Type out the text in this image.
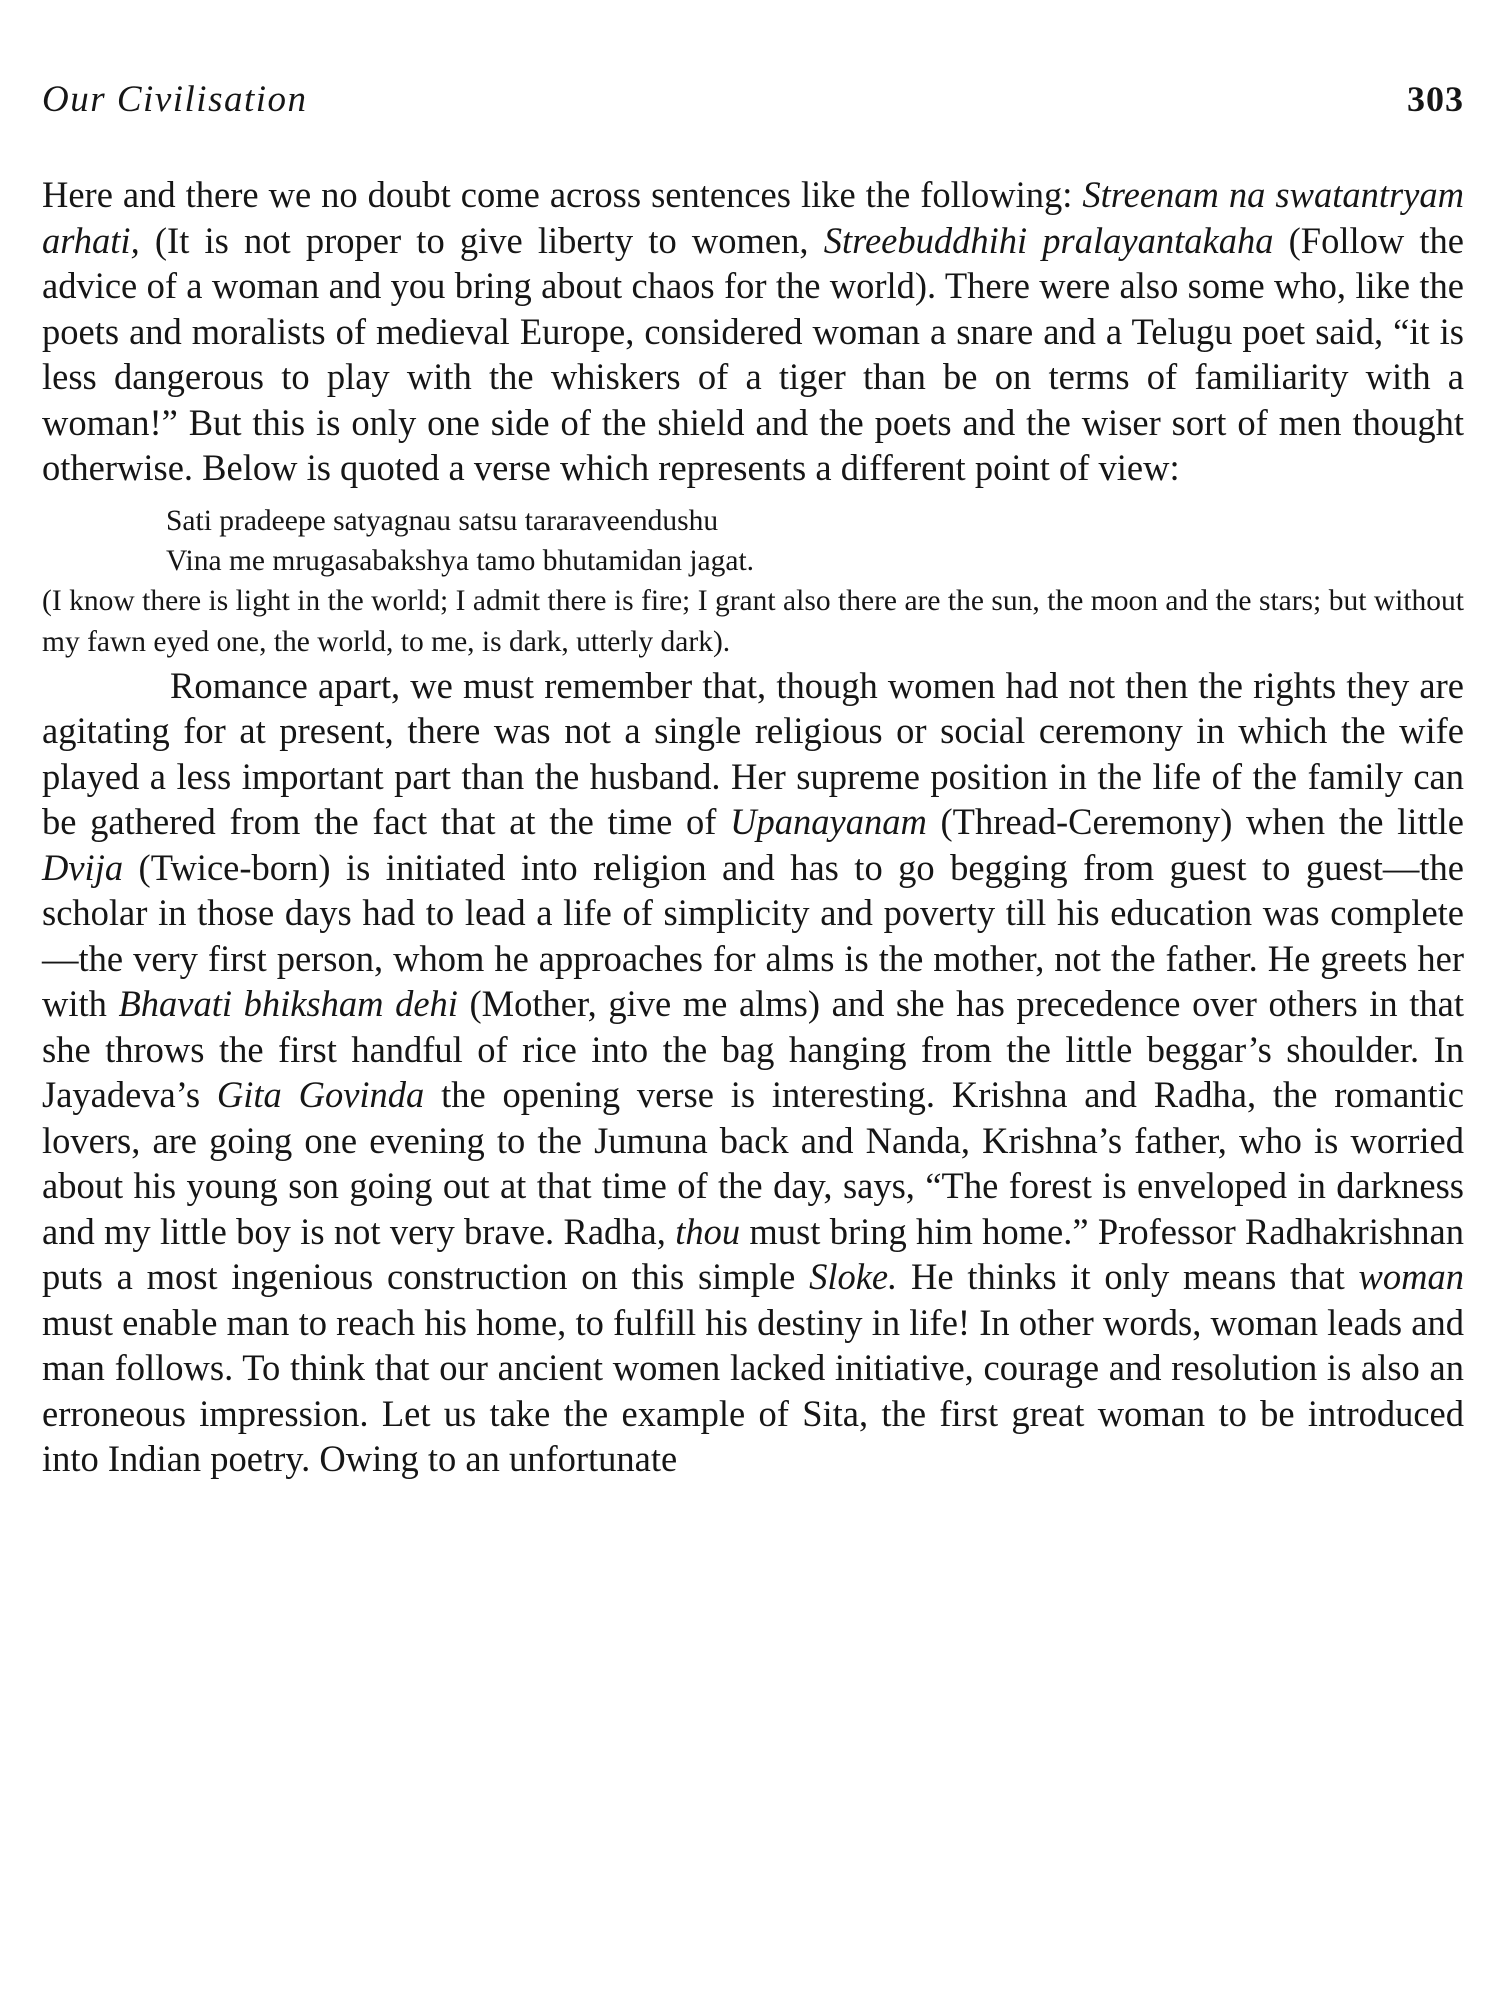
Our Civilisation	303

Here and there we no doubt come across sentences like the following: Streenam na swatantryam arhati, (It is not proper to give liberty to women, Streebuddhihi pralayantakaha (Follow the advice of a woman and you bring about chaos for the world). There were also some who, like the poets and moralists of medieval Europe, considered woman a snare and a Telugu poet said, “it is less dangerous to play with the whiskers of a tiger than be on terms of familiarity with a woman!” But this is only one side of the shield and the poets and the wiser sort of men thought otherwise. Below is quoted a verse which represents a different point of view:

Sati pradeepe satyagnau satsu tararaveendushu
Vina me mrugasabakshya tamo bhutamidan jagat.

(I know there is light in the world; I admit there is fire; I grant also there are the sun, the moon and the stars; but without my fawn eyed one, the world, to me, is dark, utterly dark).

Romance apart, we must remember that, though women had not then the rights they are agitating for at present, there was not a single religious or social ceremony in which the wife played a less important part than the husband. Her supreme position in the life of the family can be gathered from the fact that at the time of Upanayanam (Thread-Ceremony) when the little Dvija (Twice-born) is initiated into religion and has to go begging from guest to guest—the scholar in those days had to lead a life of simplicity and poverty till his education was complete—the very first person, whom he approaches for alms is the mother, not the father. He greets her with Bhavati bhiksham dehi (Mother, give me alms) and she has precedence over others in that she throws the first handful of rice into the bag hanging from the little beggar’s shoulder. In Jayadeva’s Gita Govinda the opening verse is interesting. Krishna and Radha, the romantic lovers, are going one evening to the Jumuna back and Nanda, Krishna’s father, who is worried about his young son going out at that time of the day, says, “The forest is enveloped in darkness and my little boy is not very brave. Radha, thou must bring him home.” Professor Radhakrishnan puts a most ingenious construction on this simple Sloke. He thinks it only means that woman must enable man to reach his home, to fulfill his destiny in life! In other words, woman leads and man follows. To think that our ancient women lacked initiative, courage and resolution is also an erroneous impression. Let us take the example of Sita, the first great woman to be introduced into Indian poetry. Owing to an unfortunate
